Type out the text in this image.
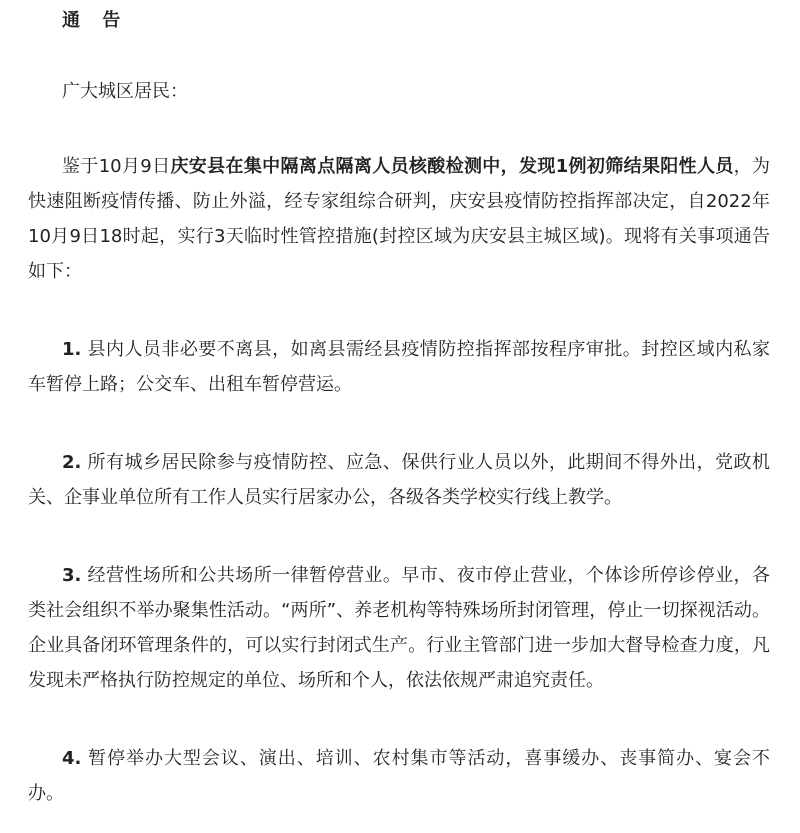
通 告

广大城区居民：

鉴于10月9日庆安县在集中隔离点隔离人员核酸检测中，发现1例初筛结果阳性人员，为快速阻断疫情传播、防止外溢，经专家组综合研判，庆安县疫情防控指挥部决定，自2022年10月9日18时起，实行3天临时性管控措施(封控区域为庆安县主城区域)。现将有关事项通告如下：

1. 县内人员非必要不离县，如离县需经县疫情防控指挥部按程序审批。封控区域内私家车暂停上路；公交车、出租车暂停营运。

2. 所有城乡居民除参与疫情防控、应急、保供行业人员以外，此期间不得外出，党政机关、企事业单位所有工作人员实行居家办公，各级各类学校实行线上教学。

3. 经营性场所和公共场所一律暂停营业。早市、夜市停止营业，个体诊所停诊停业，各类社会组织不举办聚集性活动。“两所”、养老机构等特殊场所封闭管理，停止一切探视活动。企业具备闭环管理条件的，可以实行封闭式生产。行业主管部门进一步加大督导检查力度，凡发现未严格执行防控规定的单位、场所和个人，依法依规严肃追究责任。

4. 暂停举办大型会议、演出、培训、农村集市等活动，喜事缓办、丧事简办、宴会不办。
